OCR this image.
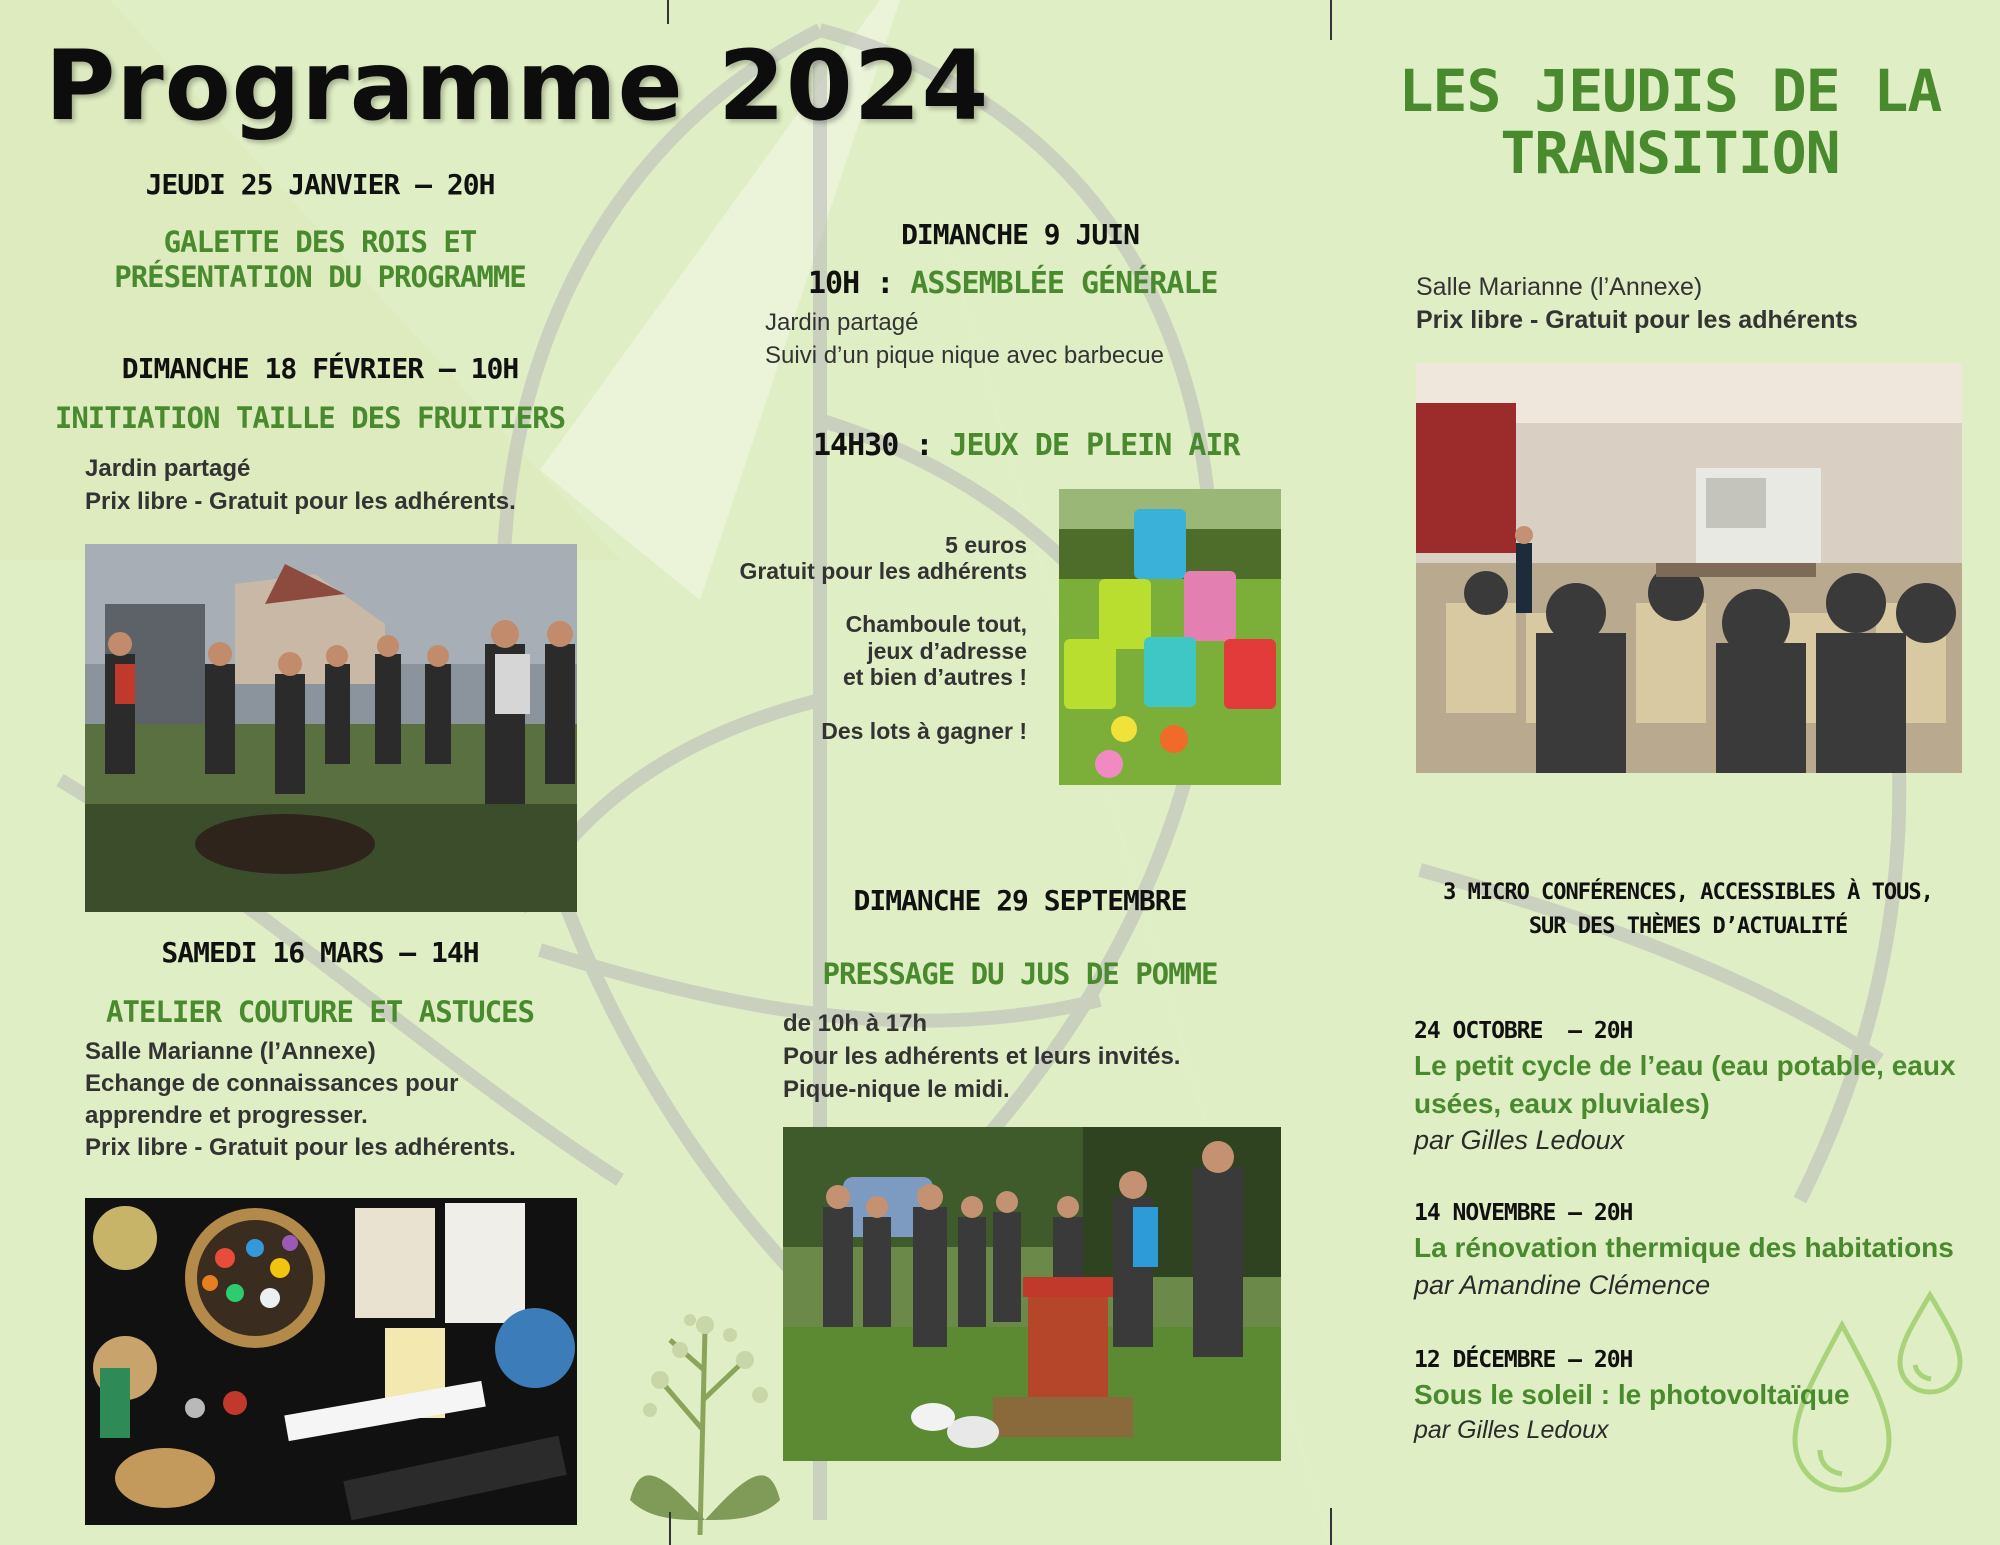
Programme 2024
JEUDI 25 JANVIER – 20H
GALETTE DES ROIS ET
PRÉSENTATION DU PROGRAMME
DIMANCHE 18 FÉVRIER – 10H
INITIATION TAILLE DES FRUITIERS
Jardin partagé
Prix libre - Gratuit pour les adhérents.
SAMEDI 16 MARS – 14H
ATELIER COUTURE ET ASTUCES
Salle Marianne (l’Annexe)
Echange de connaissances pour
apprendre et progresser.
Prix libre - Gratuit pour les adhérents.
DIMANCHE 9 JUIN
10H : ASSEMBLÉE GÉNÉRALE
Jardin partagé
Suivi d’un pique nique avec barbecue
14H30 : JEUX DE PLEIN AIR
5 euros
Gratuit pour les adhérents
Chamboule tout,
jeux d’adresse
et bien d’autres !
Des lots à gagner !
DIMANCHE 29 SEPTEMBRE
PRESSAGE DU JUS DE POMME
de 10h à 17h
Pour les adhérents et leurs invités.
Pique-nique le midi.
LES JEUDIS DE LA
TRANSITION
Salle Marianne (l’Annexe)
Prix libre - Gratuit pour les adhérents
3 MICRO CONFÉRENCES, ACCESSIBLES À TOUS,
SUR DES THÈMES D’ACTUALITÉ
24 OCTOBRE  – 20H
Le petit cycle de l’eau (eau potable, eaux
usées, eaux pluviales)
par Gilles Ledoux
14 NOVEMBRE – 20H
La rénovation thermique des habitations
par Amandine Clémence
12 DÉCEMBRE – 20H
Sous le soleil : le photovoltaïque
par Gilles Ledoux
